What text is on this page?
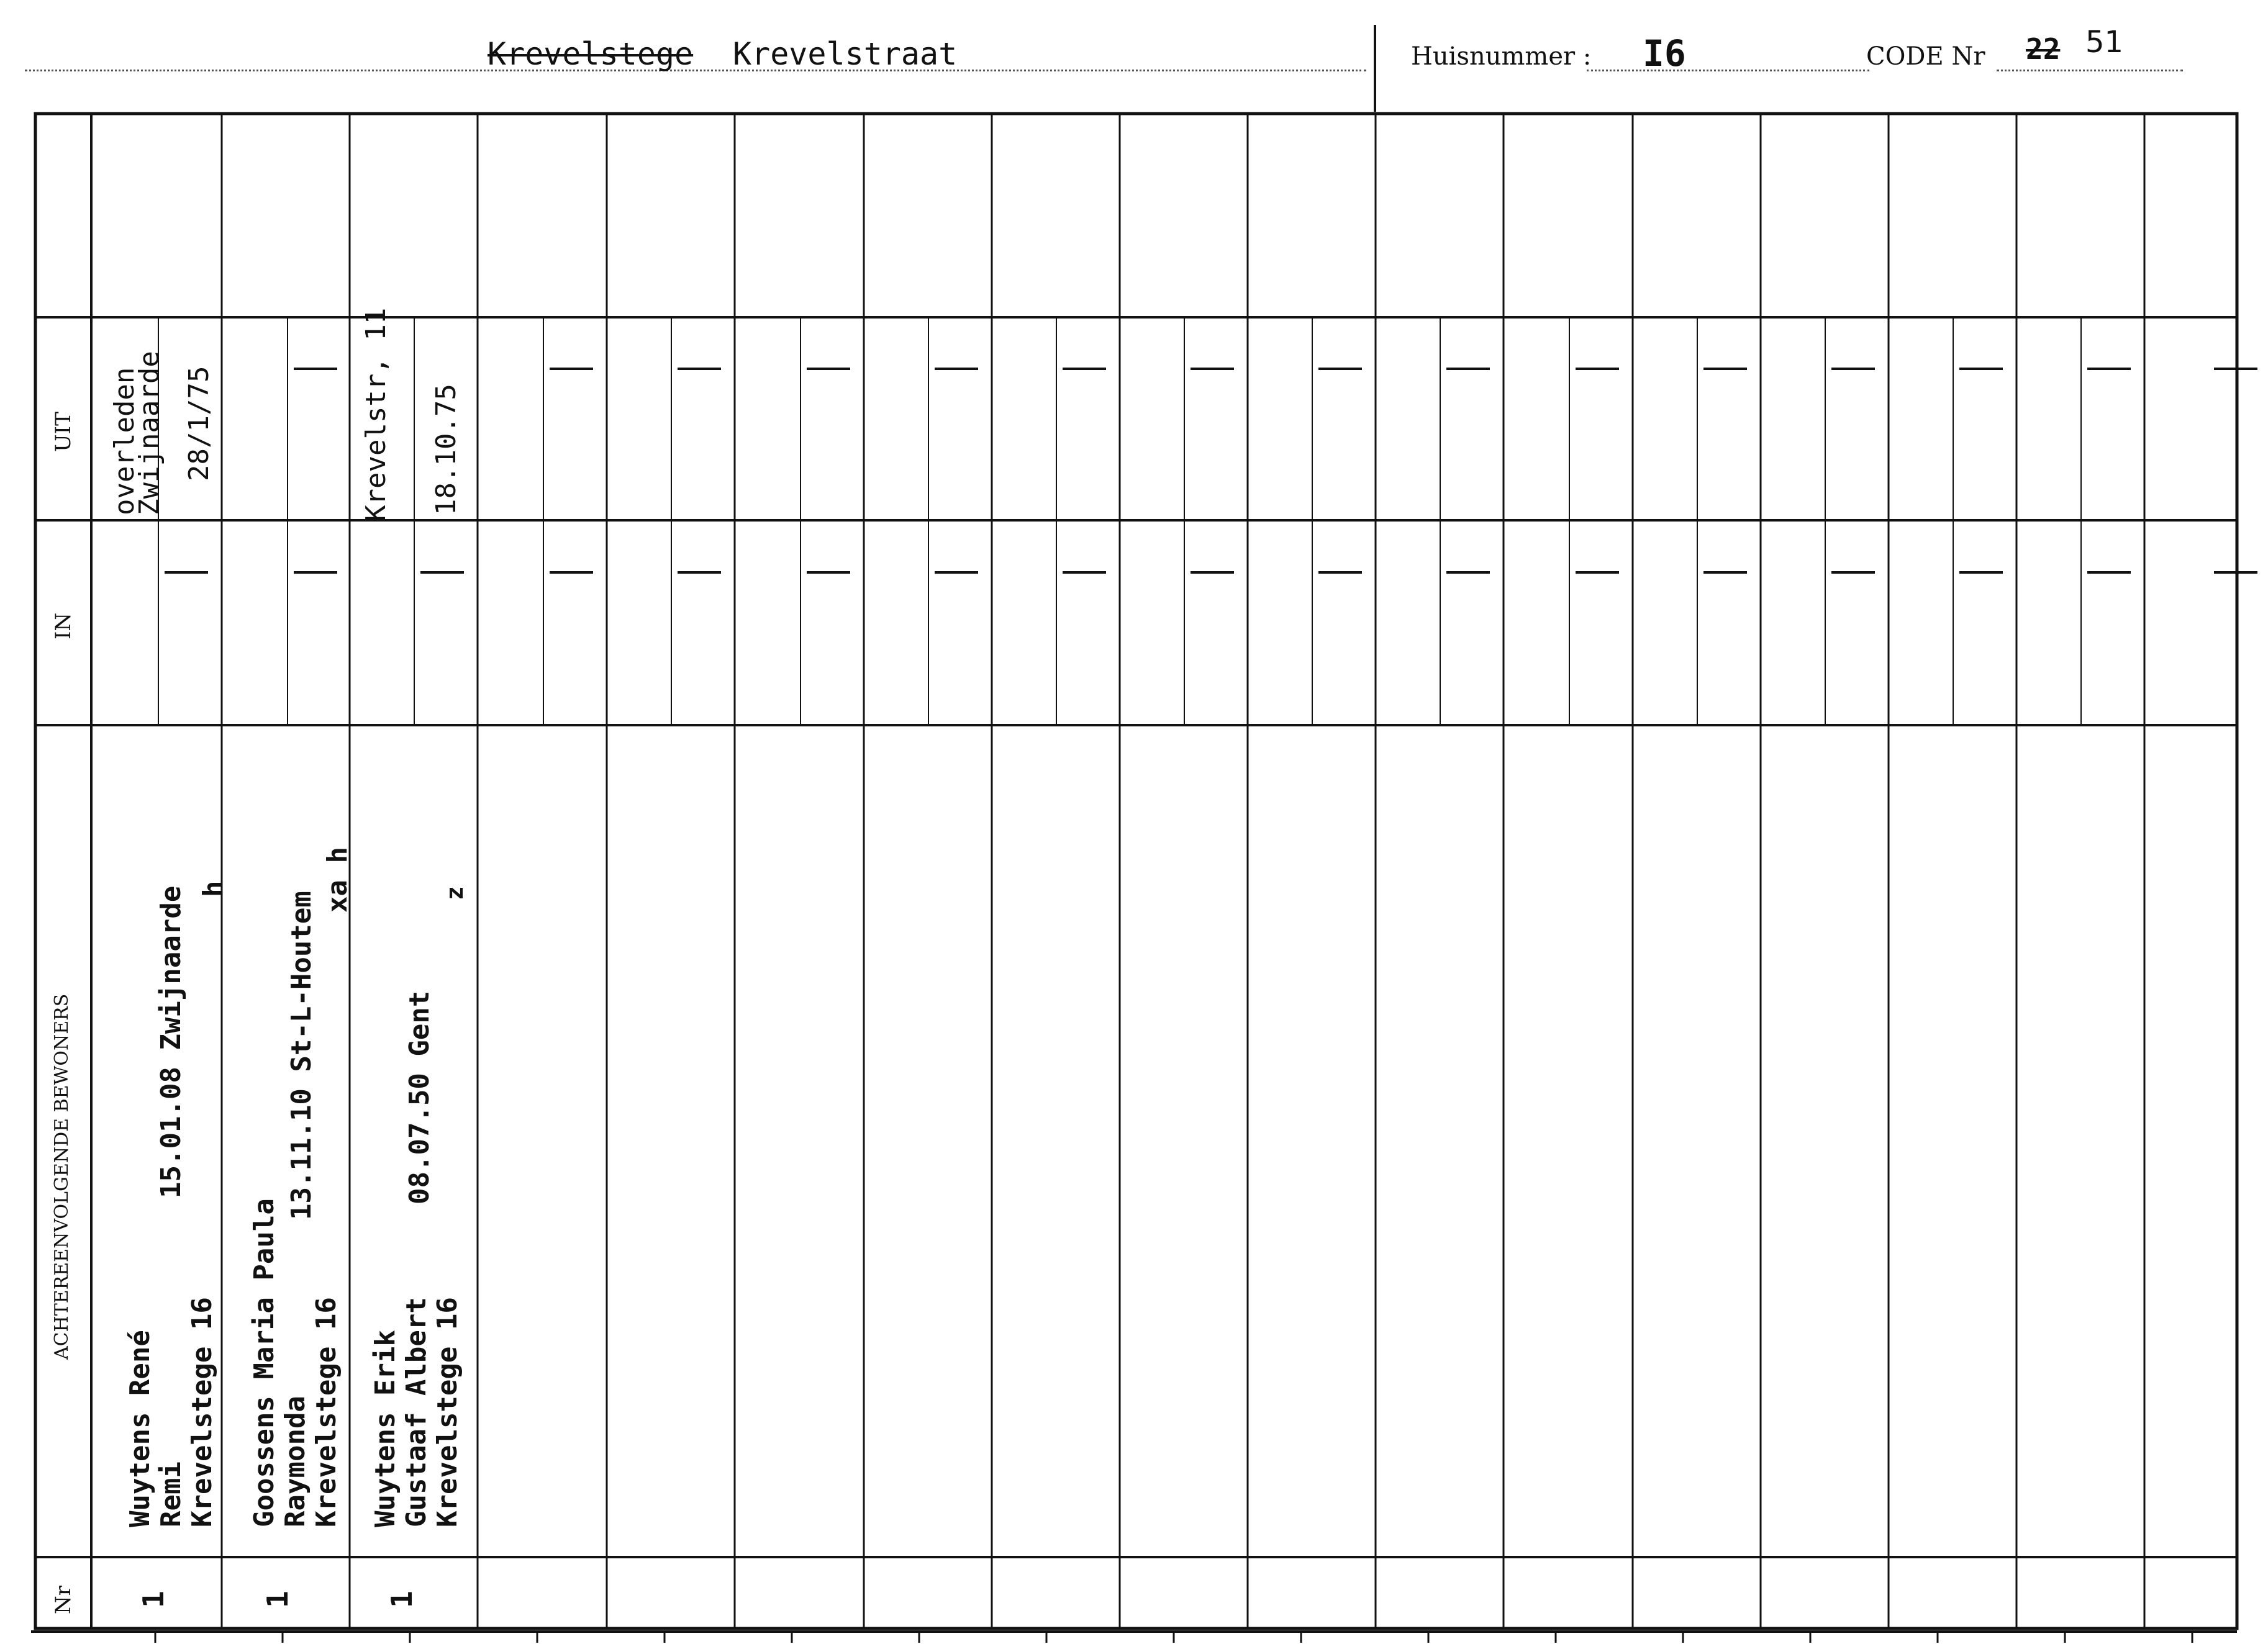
Krevelstege Krevelstraat	Huisnummer : I6	CODE Nr 22 51
UIT
IN
ACHTEREENVOLGENDE BEWONERS
Nr
Wuytens René Remi Krevelstege 16
15.01.08 Zwijnaarde h
1
overleden
Zwijnaarde 28/1/75
Goossens Maria Paula Raymonda Krevelstege 16
13.11.10 St-L-Houtem
xa h
1
Wuytens Erik Gustaaf Albert Krevelstege 16
08.07.50 Gent
z
1
Krevelstr, 11 18.10.75
